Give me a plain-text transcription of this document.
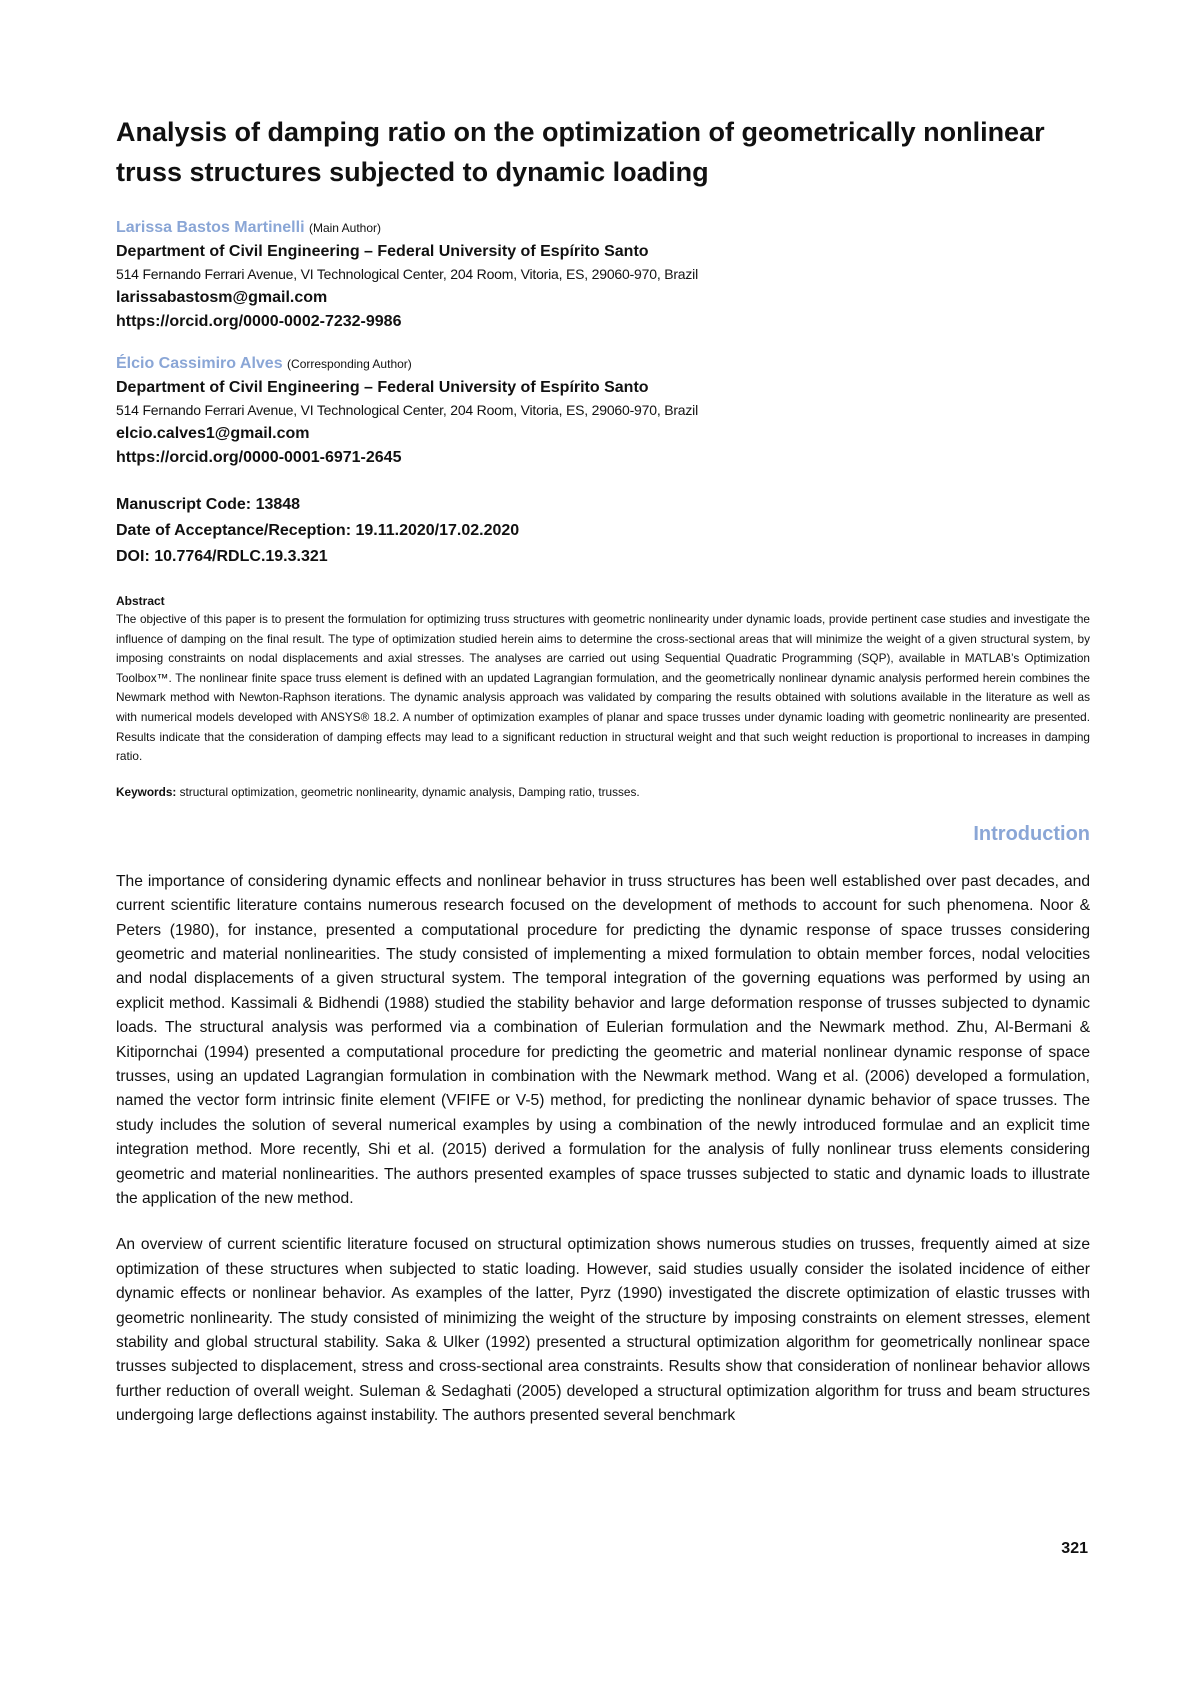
Analysis of damping ratio on the optimization of geometrically nonlinear truss structures subjected to dynamic loading
Larissa Bastos Martinelli (Main Author)
Department of Civil Engineering – Federal University of Espírito Santo
514 Fernando Ferrari Avenue, VI Technological Center, 204 Room, Vitoria, ES, 29060-970, Brazil
larissabastosm@gmail.com
https://orcid.org/0000-0002-7232-9986
Élcio Cassimiro Alves (Corresponding Author)
Department of Civil Engineering – Federal University of Espírito Santo
514 Fernando Ferrari Avenue, VI Technological Center, 204 Room, Vitoria, ES, 29060-970, Brazil
elcio.calves1@gmail.com
https://orcid.org/0000-0001-6971-2645
Manuscript Code: 13848
Date of Acceptance/Reception: 19.11.2020/17.02.2020
DOI: 10.7764/RDLC.19.3.321
Abstract

The objective of this paper is to present the formulation for optimizing truss structures with geometric nonlinearity under dynamic loads, provide pertinent case studies and investigate the influence of damping on the final result. The type of optimization studied herein aims to determine the cross-sectional areas that will minimize the weight of a given structural system, by imposing constraints on nodal displacements and axial stresses. The analyses are carried out using Sequential Quadratic Programming (SQP), available in MATLAB’s Optimization Toolbox™. The nonlinear finite space truss element is defined with an updated Lagrangian formulation, and the geometrically nonlinear dynamic analysis performed herein combines the Newmark method with Newton-Raphson iterations. The dynamic analysis approach was validated by comparing the results obtained with solutions available in the literature as well as with numerical models developed with ANSYS® 18.2. A number of optimization examples of planar and space trusses under dynamic loading with geometric nonlinearity are presented. Results indicate that the consideration of damping effects may lead to a significant reduction in structural weight and that such weight reduction is proportional to increases in damping ratio.

Keywords: structural optimization, geometric nonlinearity, dynamic analysis, Damping ratio, trusses.
Introduction

The importance of considering dynamic effects and nonlinear behavior in truss structures has been well established over past decades, and current scientific literature contains numerous research focused on the development of methods to account for such phenomena. Noor & Peters (1980), for instance, presented a computational procedure for predicting the dynamic response of space trusses considering geometric and material nonlinearities. The study consisted of implementing a mixed formulation to obtain member forces, nodal velocities and nodal displacements of a given structural system. The temporal integration of the governing equations was performed by using an explicit method. Kassimali & Bidhendi (1988) studied the stability behavior and large deformation response of trusses subjected to dynamic loads. The structural analysis was performed via a combination of Eulerian formulation and the Newmark method. Zhu, Al-Bermani & Kitipornchai (1994) presented a computational procedure for predicting the geometric and material nonlinear dynamic response of space trusses, using an updated Lagrangian formulation in combination with the Newmark method. Wang et al. (2006) developed a formulation, named the vector form intrinsic finite element (VFIFE or V-5) method, for predicting the nonlinear dynamic behavior of space trusses. The study includes the solution of several numerical examples by using a combination of the newly introduced formulae and an explicit time integration method. More recently, Shi et al. (2015) derived a formulation for the analysis of fully nonlinear truss elements considering geometric and material nonlinearities. The authors presented examples of space trusses subjected to static and dynamic loads to illustrate the application of the new method.

An overview of current scientific literature focused on structural optimization shows numerous studies on trusses, frequently aimed at size optimization of these structures when subjected to static loading. However, said studies usually consider the isolated incidence of either dynamic effects or nonlinear behavior. As examples of the latter, Pyrz (1990) investigated the discrete optimization of elastic trusses with geometric nonlinearity. The study consisted of minimizing the weight of the structure by imposing constraints on element stresses, element stability and global structural stability. Saka & Ulker (1992) presented a structural optimization algorithm for geometrically nonlinear space trusses subjected to displacement, stress and cross-sectional area constraints. Results show that consideration of nonlinear behavior allows further reduction of overall weight. Suleman & Sedaghati (2005) developed a structural optimization algorithm for truss and beam structures undergoing large deflections against instability. The authors presented several benchmark

321
